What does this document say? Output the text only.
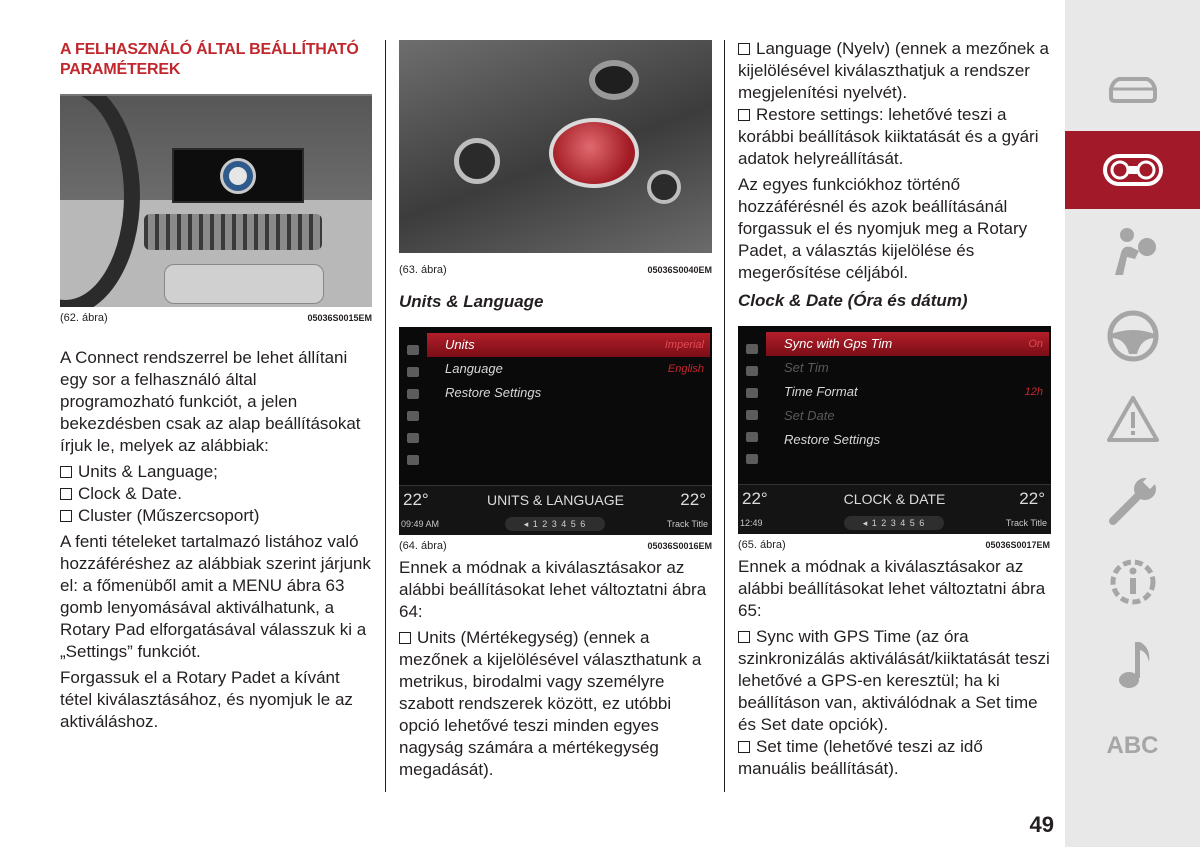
A FELHASZNÁLÓ ÁLTAL BEÁLLÍTHATÓ
PARAMÉTEREK
(62. ábra)	05036S0015EM

A Connect rendszerrel be lehet állítani egy sor a felhasználó által programozható funkciót, a jelen bekezdésben csak az alap beállításokat írjuk le, melyek az alábbiak:

Units & Language;
Clock & Date.
Cluster (Műszercsoport)

A fenti tételeket tartalmazó listához való hozzáféréshez az alábbiak szerint járjunk el: a főmenüből amit a MENU ábra 63 gomb lenyomásával aktiválhatunk, a Rotary Pad elforgatásával válasszuk ki a „Settings” funkciót.

Forgassuk el a Rotary Padet a kívánt tétel kiválasztásához, és nyomjuk le az aktiváláshoz.

(63. ábra)	05036S0040EM
Units & Language
Units	Imperial
Language	English
Restore Settings
22°	UNITS & LANGUAGE	22°
09:49 AM	◂ 1 2 3 4 5 6	Track Title
(64. ábra)	05036S0016EM

Ennek a módnak a kiválasztásakor az alábbi beállításokat lehet változtatni ábra 64:

Units (Mértékegység) (ennek a mezőnek a kijelölésével választhatunk a metrikus, birodalmi vagy személyre szabott rendszerek között, ez utóbbi opció lehetővé teszi minden egyes nagyság számára a mértékegység megadását).
Language (Nyelv) (ennek a mezőnek a kijelölésével kiválaszthatjuk a rendszer megjelenítési nyelvét).
Restore settings: lehetővé teszi a korábbi beállítások kiiktatását és a gyári adatok helyreállítását.

Az egyes funkciókhoz történő hozzáférésnél és azok beállításánál forgassuk el és nyomjuk meg a Rotary Padet, a választás kijelölése és megerősítése céljából.

Clock & Date (Óra és dátum)
Sync with Gps Tim	On
Set Tim
Time Format	12h
Set Date
Restore Settings
22°	CLOCK & DATE	22°
12:49	◂ 1 2 3 4 5 6	Track Title
(65. ábra)	05036S0017EM

Ennek a módnak a kiválasztásakor az alábbi beállításokat lehet változtatni ábra 65:

Sync with GPS Time (az óra szinkronizálás aktiválását/kiiktatását teszi lehetővé a GPS-en keresztül; ha ki beállításon van, aktiválódnak a Set time és Set date opciók).
Set time (lehetővé teszi az idő manuális beállítását).
ABC
49
